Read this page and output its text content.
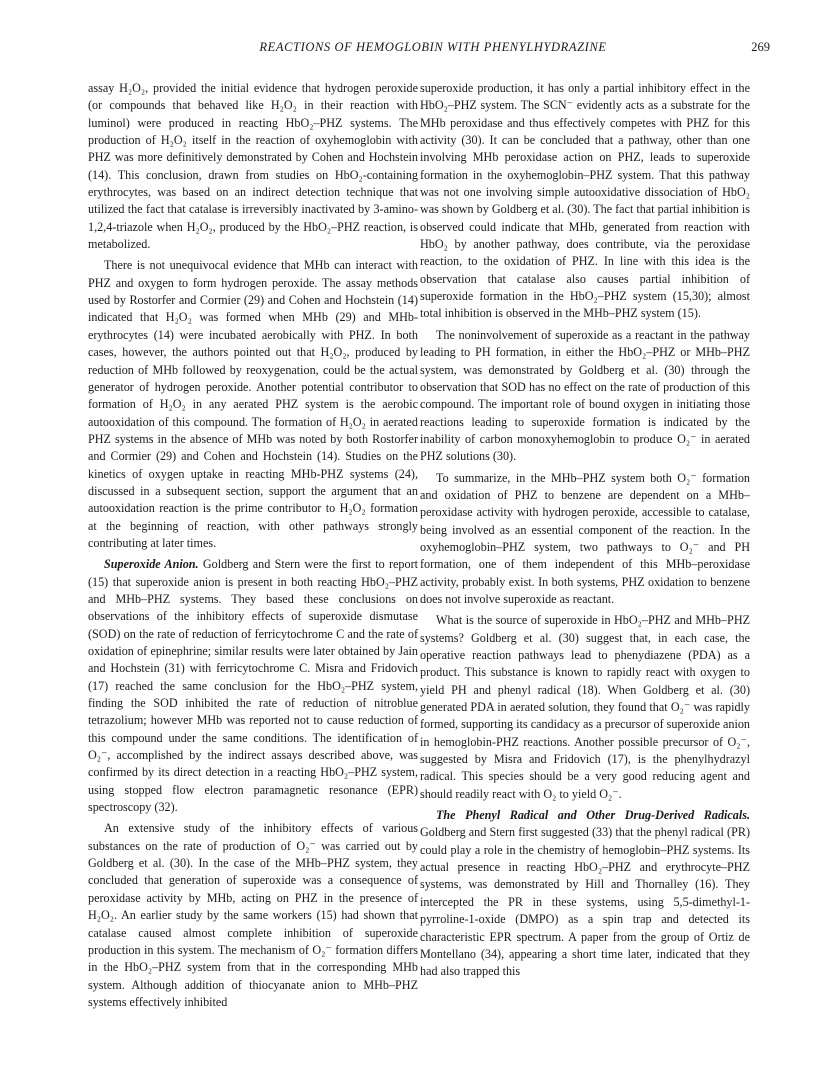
REACTIONS OF HEMOGLOBIN WITH PHENYLHYDRAZINE	269

assay H₂O₂, provided the initial evidence that hydrogen peroxide (or compounds that behaved like H₂O₂ in their reaction with luminol) were produced in reacting HbO₂–PHZ systems. The production of H₂O₂ itself in the reaction of oxyhemoglobin with PHZ was more definitively demonstrated by Cohen and Hochstein (14). This conclusion, drawn from studies on HbO₂-containing erythrocytes, was based on an indirect detection technique that utilized the fact that catalase is irreversibly inactivated by 3-amino-1,2,4-triazole when H₂O₂, produced by the HbO₂–PHZ reaction, is metabolized.

There is not unequivocal evidence that MHb can interact with PHZ and oxygen to form hydrogen peroxide. The assay methods used by Rostorfer and Cormier (29) and Cohen and Hochstein (14) indicated that H₂O₂ was formed when MHb (29) and MHb-erythrocytes (14) were incubated aerobically with PHZ. In both cases, however, the authors pointed out that H₂O₂, produced by reduction of MHb followed by reoxygenation, could be the actual generator of hydrogen peroxide. Another potential contributor to formation of H₂O₂ in any aerated PHZ system is the aerobic autooxidation of this compound. The formation of H₂O₂ in aerated PHZ systems in the absence of MHb was noted by both Rostorfer and Cormier (29) and Cohen and Hochstein (14). Studies on the kinetics of oxygen uptake in reacting MHb-PHZ systems (24), discussed in a subsequent section, support the argument that an autooxidation reaction is the prime contributor to H₂O₂ formation at the beginning of reaction, with other pathways strongly contributing at later times.

Superoxide Anion. Goldberg and Stern were the first to report (15) that superoxide anion is present in both reacting HbO₂–PHZ and MHb–PHZ systems. They based these conclusions on observations of the inhibitory effects of superoxide dismutase (SOD) on the rate of reduction of ferricytochrome C and the rate of oxidation of epinephrine; similar results were later obtained by Jain and Hochstein (31) with ferricytochrome C. Misra and Fridovich (17) reached the same conclusion for the HbO₂–PHZ system, finding the SOD inhibited the rate of reduction of nitroblue tetrazolium; however MHb was reported not to cause reduction of this compound under the same conditions. The identification of O₂⁻, accomplished by the indirect assays described above, was confirmed by its direct detection in a reacting HbO₂–PHZ system, using stopped flow electron paramagnetic resonance (EPR) spectroscopy (32).

An extensive study of the inhibitory effects of various substances on the rate of production of O₂⁻ was carried out by Goldberg et al. (30). In the case of the MHb–PHZ system, they concluded that generation of superoxide was a consequence of peroxidase activity by MHb, acting on PHZ in the presence of H₂O₂. An earlier study by the same workers (15) had shown that catalase caused almost complete inhibition of superoxide production in this system. The mechanism of O₂⁻ formation differs in the HbO₂–PHZ system from that in the corresponding MHb system. Although addition of thiocyanate anion to MHb–PHZ systems effectively inhibited

superoxide production, it has only a partial inhibitory effect in the HbO₂–PHZ system. The SCN⁻ evidently acts as a substrate for the MHb peroxidase and thus effectively competes with PHZ for this activity (30). It can be concluded that a pathway, other than one involving MHb peroxidase action on PHZ, leads to superoxide formation in the oxyhemoglobin–PHZ system. That this pathway was not one involving simple autooxidative dissociation of HbO₂ was shown by Goldberg et al. (30). The fact that partial inhibition is observed could indicate that MHb, generated from reaction with HbO₂ by another pathway, does contribute, via the peroxidase reaction, to the oxidation of PHZ. In line with this idea is the observation that catalase also causes partial inhibition of superoxide formation in the HbO₂–PHZ system (15,30); almost total inhibition is observed in the MHb–PHZ system (15).

The noninvolvement of superoxide as a reactant in the pathway leading to PH formation, in either the HbO₂–PHZ or MHb–PHZ system, was demonstrated by Goldberg et al. (30) through the observation that SOD has no effect on the rate of production of this compound. The important role of bound oxygen in initiating those reactions leading to superoxide formation is indicated by the inability of carbon monoxyhemoglobin to produce O₂⁻ in aerated PHZ solutions (30).

To summarize, in the MHb–PHZ system both O₂⁻ formation and oxidation of PHZ to benzene are dependent on a MHb–peroxidase activity with hydrogen peroxide, accessible to catalase, being involved as an essential component of the reaction. In the oxyhemoglobin–PHZ system, two pathways to O₂⁻ and PH formation, one of them independent of this MHb–peroxidase activity, probably exist. In both systems, PHZ oxidation to benzene does not involve superoxide as reactant.

What is the source of superoxide in HbO₂–PHZ and MHb–PHZ systems? Goldberg et al. (30) suggest that, in each case, the operative reaction pathways lead to phenydiazene (PDA) as a product. This substance is known to rapidly react with oxygen to yield PH and phenyl radical (18). When Goldberg et al. (30) generated PDA in aerated solution, they found that O₂⁻ was rapidly formed, supporting its candidacy as a precursor of superoxide anion in hemoglobin-PHZ reactions. Another possible precursor of O₂⁻, suggested by Misra and Fridovich (17), is the phenylhydrazyl radical. This species should be a very good reducing agent and should readily react with O₂ to yield O₂⁻.

The Phenyl Radical and Other Drug-Derived Radicals. Goldberg and Stern first suggested (33) that the phenyl radical (PR) could play a role in the chemistry of hemoglobin–PHZ systems. Its actual presence in reacting HbO₂–PHZ and erythrocyte–PHZ systems, was demonstrated by Hill and Thornalley (16). They intercepted the PR in these systems, using 5,5-dimethyl-1-pyrroline-1-oxide (DMPO) as a spin trap and detected its characteristic EPR spectrum. A paper from the group of Ortiz de Montellano (34), appearing a short time later, indicated that they had also trapped this
